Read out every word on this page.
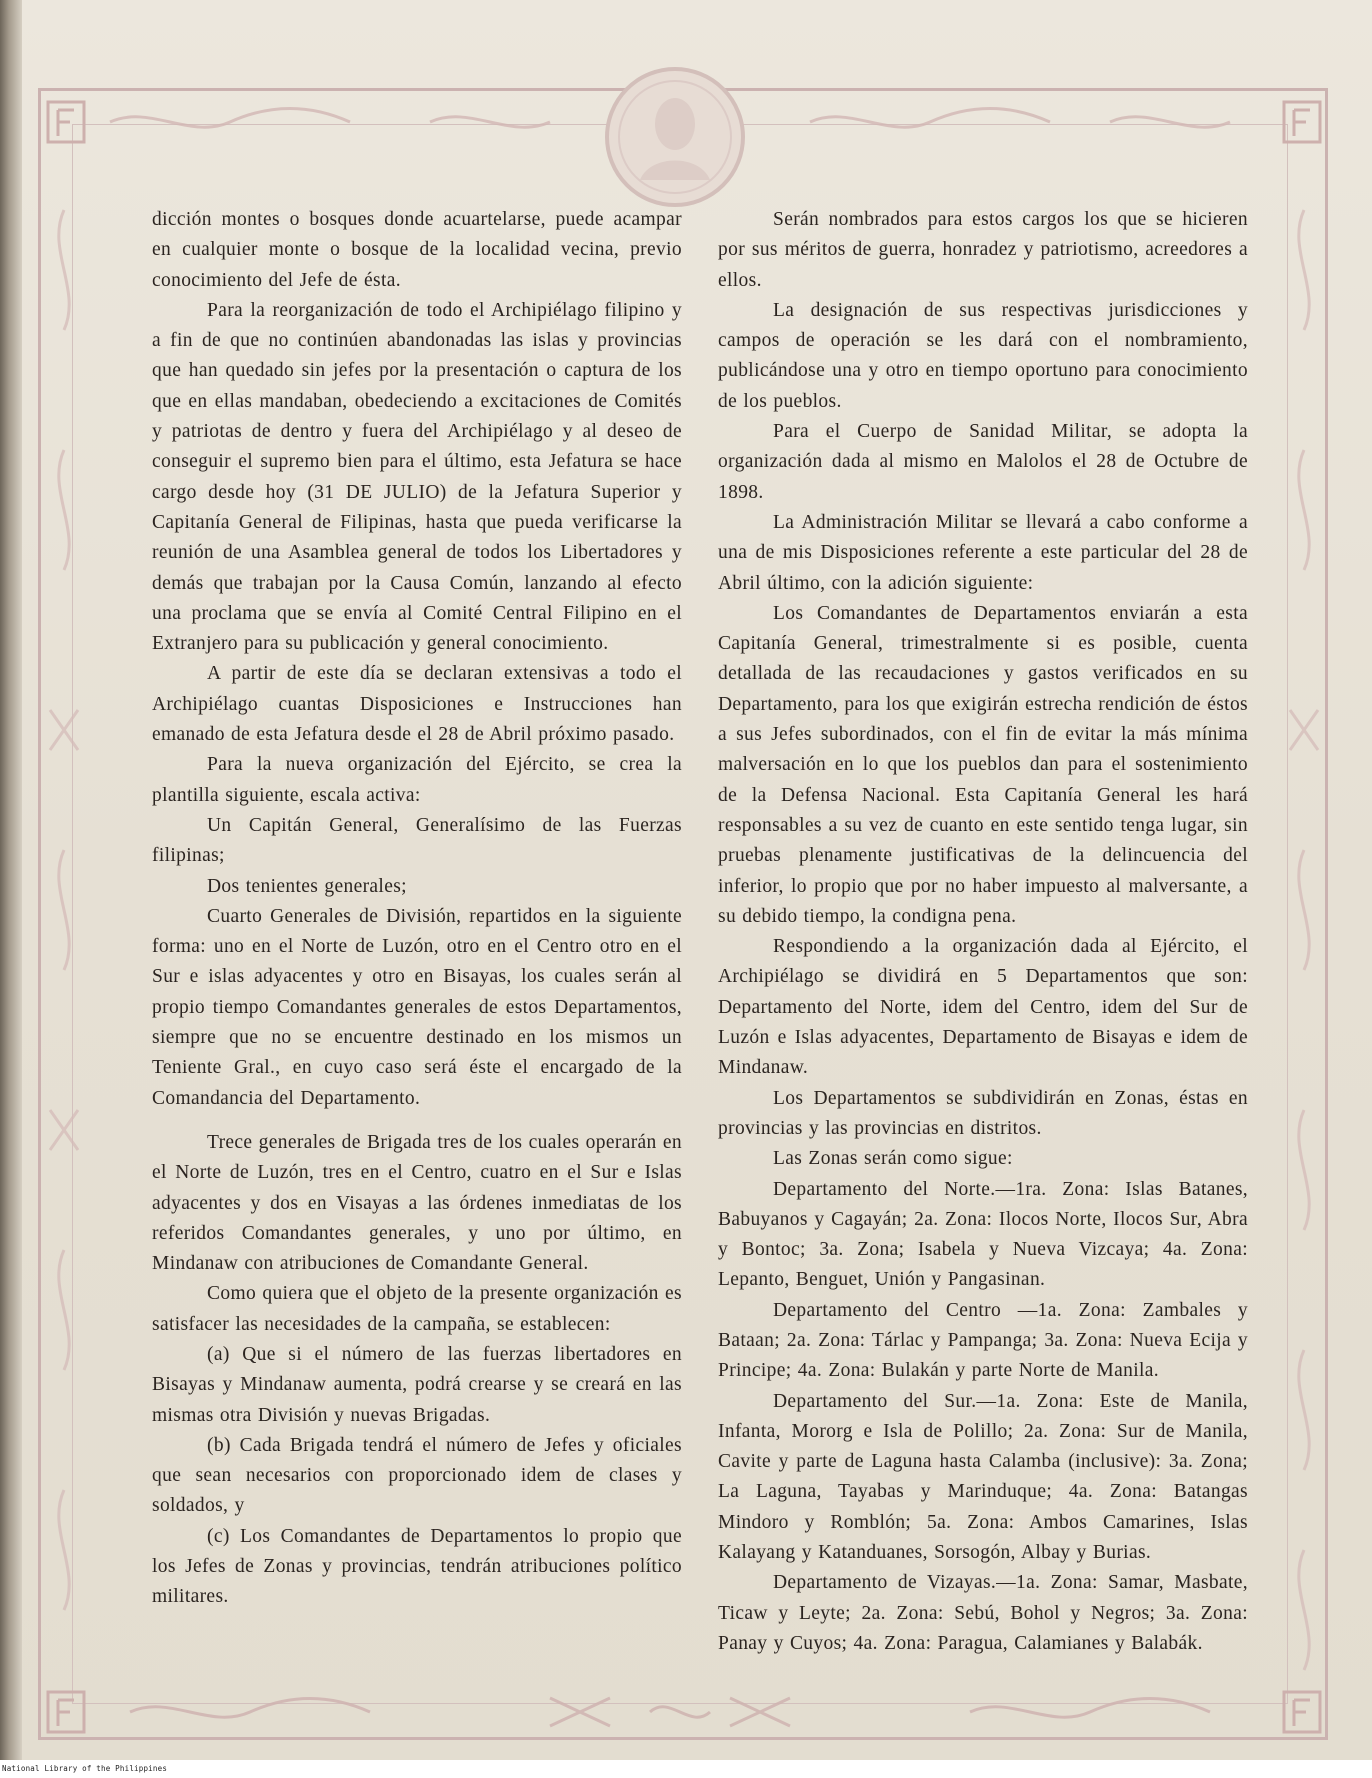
dicción montes o bosques donde acuartelarse, puede acampar en cualquier monte o bosque de la localidad vecina, previo conocimiento del Jefe de ésta.

Para la reorganización de todo el Archipiélago filipino y a fin de que no continúen abandonadas las islas y provincias que han quedado sin jefes por la presentación o captura de los que en ellas mandaban, obedeciendo a excitaciones de Comités y patriotas de dentro y fuera del Archipiélago y al deseo de conseguir el supremo bien para el último, esta Jefatura se hace cargo desde hoy (31 DE JULIO) de la Jefatura Superior y Capitanía General de Filipinas, hasta que pueda verificarse la reunión de una Asamblea general de todos los Libertadores y demás que trabajan por la Causa Común, lanzando al efecto una proclama que se envía al Comité Central Filipino en el Extranjero para su publicación y general conocimiento.

A partir de este día se declaran extensivas a todo el Archipiélago cuantas Disposiciones e Instrucciones han emanado de esta Jefatura desde el 28 de Abril próximo pasado.

Para la nueva organización del Ejército, se crea la plantilla siguiente, escala activa:

Un Capitán General, Generalísimo de las Fuerzas filipinas;

Dos tenientes generales;

Cuarto Generales de División, repartidos en la siguiente forma: uno en el Norte de Luzón, otro en el Centro otro en el Sur e islas adyacentes y otro en Bisayas, los cuales serán al propio tiempo Comandantes generales de estos Departamentos, siempre que no se encuentre destinado en los mismos un Teniente Gral., en cuyo caso será éste el encargado de la Comandancia del Departamento.

Trece generales de Brigada tres de los cuales operarán en el Norte de Luzón, tres en el Centro, cuatro en el Sur e Islas adyacentes y dos en Visayas a las órdenes inmediatas de los referidos Comandantes generales, y uno por último, en Mindanaw con atribuciones de Comandante General.

Como quiera que el objeto de la presente organización es satisfacer las necesidades de la campaña, se establecen:

(a) Que si el número de las fuerzas libertadores en Bisayas y Mindanaw aumenta, podrá crearse y se creará en las mismas otra División y nuevas Brigadas.

(b) Cada Brigada tendrá el número de Jefes y oficiales que sean necesarios con proporcionado idem de clases y soldados, y

(c) Los Comandantes de Departamentos lo propio que los Jefes de Zonas y provincias, tendrán atribuciones político militares.

Serán nombrados para estos cargos los que se hicieren por sus méritos de guerra, honradez y patriotismo, acreedores a ellos.

La designación de sus respectivas jurisdicciones y campos de operación se les dará con el nombramiento, publicándose una y otro en tiempo oportuno para conocimiento de los pueblos.

Para el Cuerpo de Sanidad Militar, se adopta la organización dada al mismo en Malolos el 28 de Octubre de 1898.

La Administración Militar se llevará a cabo conforme a una de mis Disposiciones referente a este particular del 28 de Abril último, con la adición siguiente:

Los Comandantes de Departamentos enviarán a esta Capitanía General, trimestralmente si es posible, cuenta detallada de las recaudaciones y gastos verificados en su Departamento, para los que exigirán estrecha rendición de éstos a sus Jefes subordinados, con el fin de evitar la más mínima malversación en lo que los pueblos dan para el sostenimiento de la Defensa Nacional. Esta Capitanía General les hará responsables a su vez de cuanto en este sentido tenga lugar, sin pruebas plenamente justificativas de la delincuencia del inferior, lo propio que por no haber impuesto al malversante, a su debido tiempo, la condigna pena.

Respondiendo a la organización dada al Ejército, el Archipiélago se dividirá en 5 Departamentos que son: Departamento del Norte, idem del Centro, idem del Sur de Luzón e Islas adyacentes, Departamento de Bisayas e idem de Mindanaw.

Los Departamentos se subdividirán en Zonas, éstas en provincias y las provincias en distritos.

Las Zonas serán como sigue:

Departamento del Norte.—1ra. Zona: Islas Batanes, Babuyanos y Cagayán; 2a. Zona: Ilocos Norte, Ilocos Sur, Abra y Bontoc; 3a. Zona; Isabela y Nueva Vizcaya; 4a. Zona: Lepanto, Benguet, Unión y Pangasinan.

Departamento del Centro —1a. Zona: Zambales y Bataan; 2a. Zona: Tárlac y Pampanga; 3a. Zona: Nueva Ecija y Principe; 4a. Zona: Bulakán y parte Norte de Manila.

Departamento del Sur.—1a. Zona: Este de Manila, Infanta, Mororg e Isla de Polillo; 2a. Zona: Sur de Manila, Cavite y parte de Laguna hasta Calamba (inclusive): 3a. Zona; La Laguna, Tayabas y Marinduque; 4a. Zona: Batangas Mindoro y Romblón; 5a. Zona: Ambos Camarines, Islas Kalayang y Katanduanes, Sorsogón, Albay y Burias.

Departamento de Vizayas.—1a. Zona: Samar, Masbate, Ticaw y Leyte; 2a. Zona: Sebú, Bohol y Negros; 3a. Zona: Panay y Cuyos; 4a. Zona: Paragua, Calamianes y Balabák.

National Library of the Philippines
